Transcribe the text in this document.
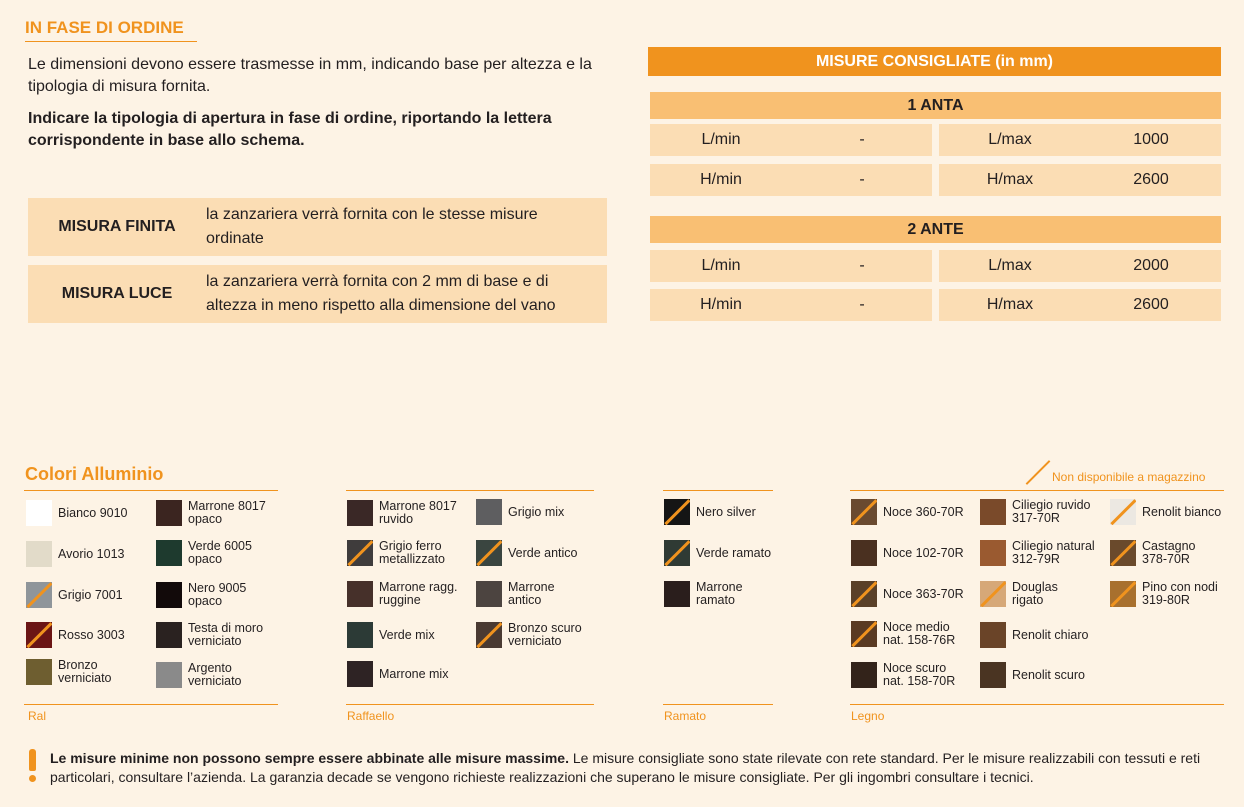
IN FASE DI ORDINE

Le dimensioni devono essere trasmesse in mm, indicando base per altezza e la tipologia di misura fornita.

Indicare la tipologia di apertura in fase di ordine, riportando la lettera corrispondente in base allo schema.

MISURA FINITA
la zanzariera verrà fornita con le stesse misure ordinate
MISURA LUCE
la zanzariera verrà fornita con 2 mm di base e di altezza in meno rispetto alla dimensione del vano
MISURE CONSIGLIATE (in mm)
1 ANTA
L/min	-	L/max	1000
H/min	-	H/max	2600
2 ANTE
L/min	-	L/max	2000
H/min	-	H/max	2600
Colori Alluminio	Non disponibile a magazzino
Ral	Raffaello	Ramato	Legno
Bianco 9010
Avorio 1013
Grigio 7001
Rosso 3003
Bronzo verniciato
Marrone 8017 opaco
Verde 6005 opaco
Nero 9005 opaco
Testa di moro verniciato
Argento verniciato
Marrone 8017 ruvido
Grigio ferro metallizzato
Marrone ragg. ruggine
Verde mix
Marrone mix
Grigio mix
Verde antico
Marrone antico
Bronzo scuro verniciato
Nero silver
Verde ramato
Marrone ramato
Noce 360-70R
Noce 102-70R
Noce 363-70R
Noce medio nat. 158-76R
Noce scuro nat. 158-70R
Ciliegio ruvido 317-70R
Ciliegio natural 312-79R
Douglas rigato
Renolit chiaro
Renolit scuro
Renolit bianco
Castagno 378-70R
Pino con nodi 319-80R

Le misure minime non possono sempre essere abbinate alle misure massime. Le misure consigliate sono state rilevate con rete standard. Per le misure realizzabili con tessuti e reti particolari, consultare l’azienda. La garanzia decade se vengono richieste realizzazioni che superano le misure consigliate. Per gli ingombri consultare i tecnici.
